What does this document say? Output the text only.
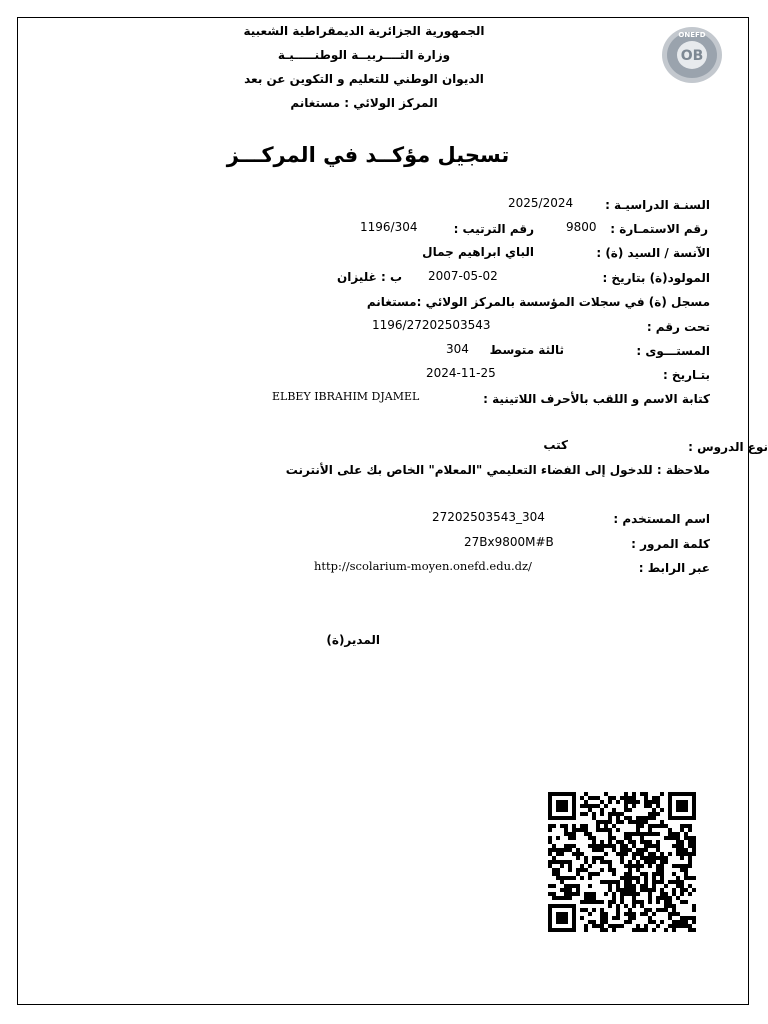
ONEFD
OB
الجمهورية الجزائرية الديمقراطية الشعبية
وزارة التــــربيــة الوطنـــــيـة
الديوان الوطني للتعليم و التكوين عن بعد
المركز الولائي : مستغانم
تسجيل مؤكــد في المركـــز
السنـة الدراسيـة :
2025/2024
رقم الاستمـارة :
9800
رقم الترتيب :
1196/304
الآنسة / السيد (ة) :
الباي ابراهيم جمال
المولود(ة) بتاريخ :
2007-05-02
ب : غليزان
مسجل (ة) في سجلات المؤسسة بالمركز الولائي :مستغانم
تحت رقم :
1196/27202503543
المستـــوى :
ثالثة متوسط
304
بتـاريخ :
2024-11-25
كتابة الاسم و اللقب بالأحرف اللاتينية :
ELBEY IBRAHIM DJAMEL
نوع الدروس :
كتب
ملاحظة : للدخول إلى الفضاء التعليمي "المعلام" الخاص بك على الأنترنت
اسم المستخدم :
27202503543_304
كلمة المرور :
27Bx9800M#B
عبر الرابط :
http://scolarium-moyen.onefd.edu.dz/
المدير(ة)
